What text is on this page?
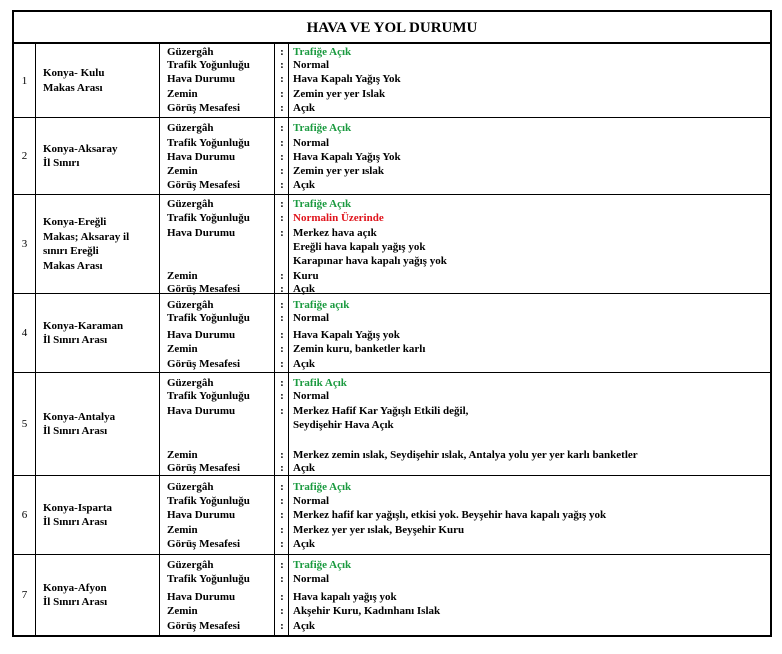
HAVA VE YOL DURUMU
1
Konya- Kulu
Makas Arası
Güzergâh
Trafik Yoğunluğu
Hava Durumu
Zemin
Görüş Mesafesi
:
:
:
:
:
Trafiğe Açık
Normal
Hava Kapalı Yağış Yok
Zemin yer yer Islak
Açık
2
Konya-Aksaray
İl Sınırı
Güzergâh
Trafik Yoğunluğu
Hava Durumu
Zemin
Görüş Mesafesi
:
:
:
:
:
Trafiğe Açık
Normal
Hava Kapalı Yağış Yok
Zemin yer yer ıslak
Açık
3
Konya-Ereğli
Makas; Aksaray il
sınırı Ereğli
Makas Arası
Güzergâh
Trafik Yoğunluğu
Hava Durumu
Zemin
Görüş Mesafesi
:
:
:
:
:
Trafiğe Açık
Normalin Üzerinde
Merkez hava açık
Ereğli hava kapalı yağış yok
Karapınar hava kapalı yağış yok
Kuru
Açık
4
Konya-Karaman
İl Sınırı Arası
Güzergâh
Trafik Yoğunluğu
Hava Durumu
Zemin
Görüş Mesafesi
:
:
:
:
:
Trafiğe açık
Normal
Hava Kapalı Yağış yok
Zemin kuru, banketler karlı
Açık
5
Konya-Antalya
İl Sınırı Arası
Güzergâh
Trafik Yoğunluğu
Hava Durumu
Zemin
Görüş Mesafesi
:
:
:
:
:
Trafik Açık
Normal
Merkez Hafif Kar Yağışlı Etkili değil,
Seydişehir Hava Açık
Merkez zemin ıslak, Seydişehir ıslak, Antalya yolu yer yer karlı banketler
Açık
6
Konya-Isparta
İl Sınırı Arası
Güzergâh
Trafik Yoğunluğu
Hava Durumu
Zemin
Görüş Mesafesi
:
:
:
:
:
Trafiğe Açık
Normal
Merkez hafif kar yağışlı, etkisi yok. Beyşehir hava kapalı yağış yok
Merkez yer yer ıslak, Beyşehir Kuru
Açık
7
Konya-Afyon
İl Sınırı Arası
Güzergâh
Trafik Yoğunluğu
Hava Durumu
Zemin
Görüş Mesafesi
:
:
:
:
:
Trafiğe Açık
Normal
Hava kapalı yağış yok
Akşehir Kuru, Kadınhanı Islak
Açık
